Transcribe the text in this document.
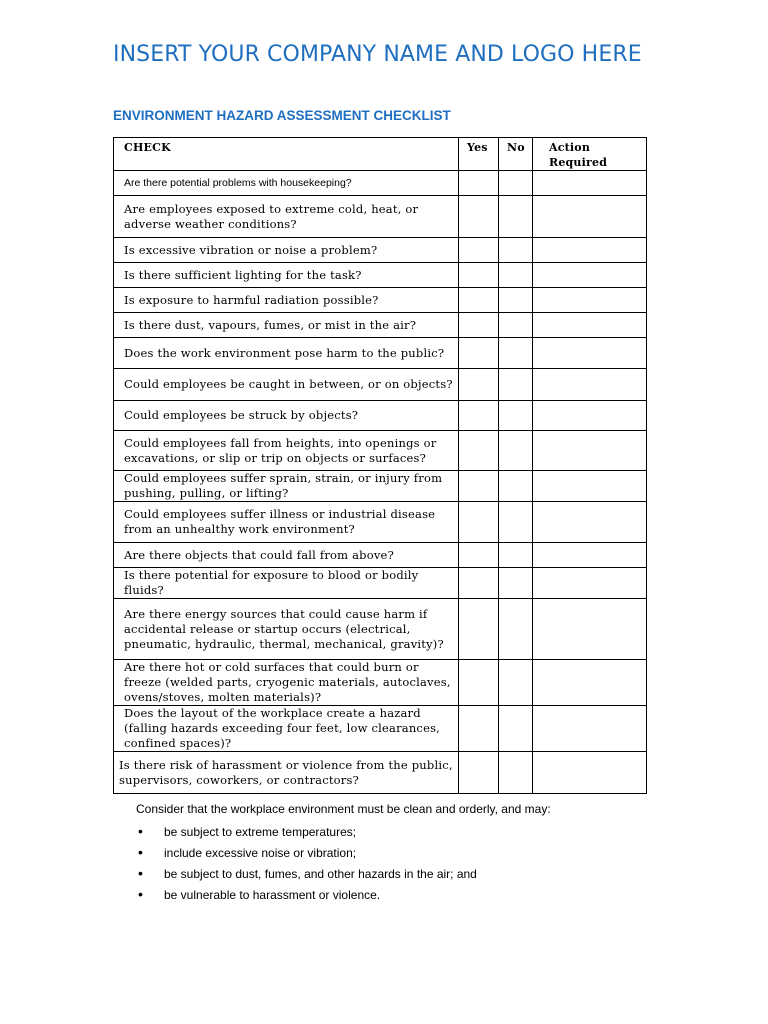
INSERT YOUR COMPANY NAME AND LOGO HERE
ENVIRONMENT HAZARD ASSESSMENT CHECKLIST
CHECK	Yes	No	Action
Required
Are there potential problems with housekeeping?			
Are employees exposed to extreme cold, heat, or adverse weather conditions?			
Is excessive vibration or noise a problem?			
Is there sufficient lighting for the task?			
Is exposure to harmful radiation possible?			
Is there dust, vapours, fumes, or mist in the air?			
Does the work environment pose harm to the public?			
Could employees be caught in between, or on objects?			
Could employees be struck by objects?			
Could employees fall from heights, into openings or excavations, or slip or trip on objects or surfaces?			
Could employees suffer sprain, strain, or injury from pushing, pulling, or lifting?			
Could employees suffer illness or industrial disease from an unhealthy work environment?			
Are there objects that could fall from above?			
Is there potential for exposure to blood or bodily fluids?			
Are there energy sources that could cause harm if accidental release or startup occurs (electrical, pneumatic, hydraulic, thermal, mechanical, gravity)?			
Are there hot or cold surfaces that could burn or freeze (welded parts, cryogenic materials, autoclaves, ovens/stoves, molten materials)?			
Does the layout of the workplace create a hazard (falling hazards exceeding four feet, low clearances, confined spaces)?			
Is there risk of harassment or violence from the public, supervisors, coworkers, or contractors?			
Consider that the workplace environment must be clean and orderly, and may:
• be subject to extreme temperatures;
• include excessive noise or vibration;
• be subject to dust, fumes, and other hazards in the air; and
• be vulnerable to harassment or violence.
